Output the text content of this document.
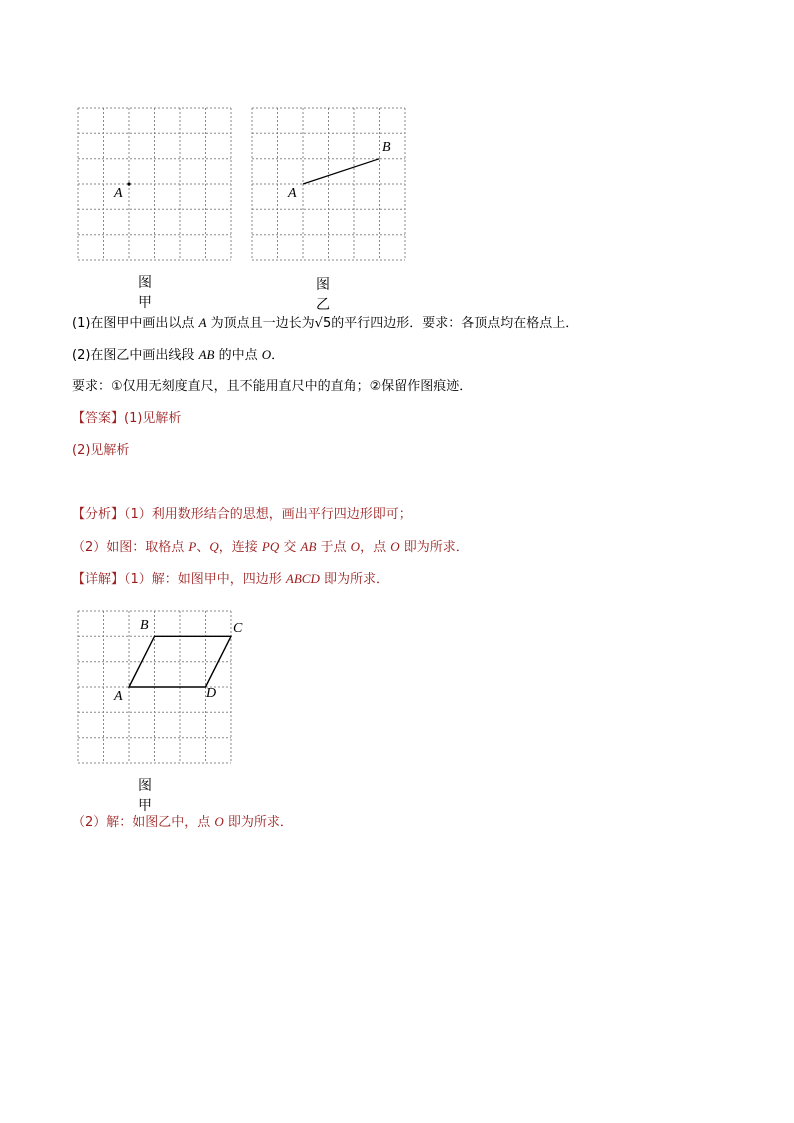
A
图甲
A
B
图乙
(1)在图甲中画出以点 A 为顶点且一边长为√5的平行四边形．要求：各顶点均在格点上．
(2)在图乙中画出线段 AB 的中点 O．
要求：①仅用无刻度直尺，且不能用直尺中的直角；②保留作图痕迹．
【答案】(1)见解析
(2)见解析
【分析】（1）利用数形结合的思想，画出平行四边形即可；
（2）如图：取格点 P、Q，连接 PQ 交 AB 于点 O，点 O 即为所求．
【详解】（1）解：如图甲中，四边形 ABCD 即为所求．
B	C
A	D
图甲
（2）解：如图乙中，点 O 即为所求．
